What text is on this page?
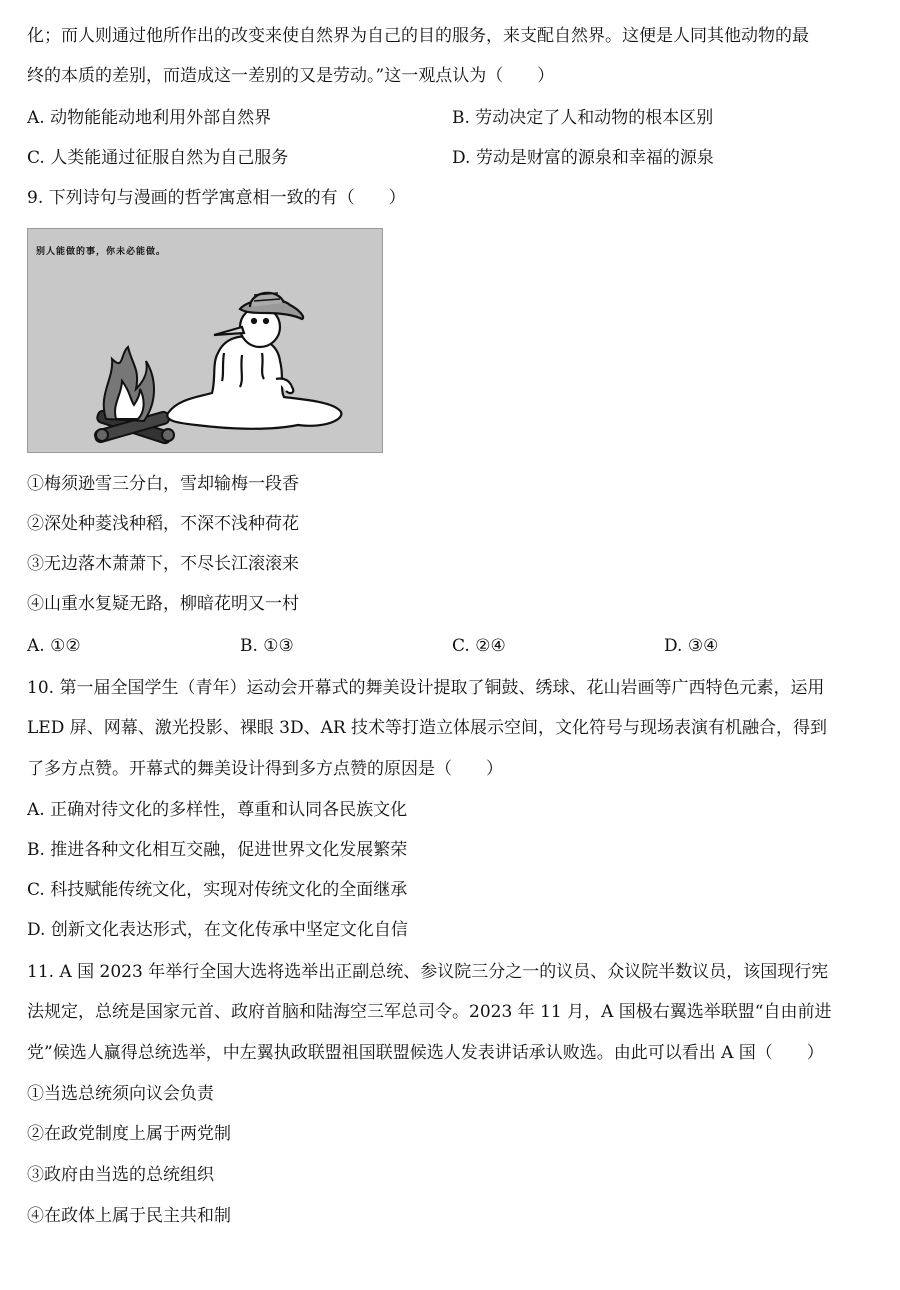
化；而人则通过他所作出的改变来使自然界为自己的目的服务，来支配自然界。这便是人同其他动物的最
终的本质的差别，而造成这一差别的又是劳动。”这一观点认为（　　）
A. 动物能能动地利用外部自然界	B. 劳动决定了人和动物的根本区别
C. 人类能通过征服自然为自己服务	D. 劳动是财富的源泉和幸福的源泉
9. 下列诗句与漫画的哲学寓意相一致的有（　　）
别人能做的事，你未必能做。
①梅须逊雪三分白，雪却输梅一段香
②深处种菱浅种稻，不深不浅种荷花
③无边落木萧萧下，不尽长江滚滚来
④山重水复疑无路，柳暗花明又一村
A. ①②	B. ①③	C. ②④	D. ③④
10. 第一届全国学生（青年）运动会开幕式的舞美设计提取了铜鼓、绣球、花山岩画等广西特色元素，运用
LED 屏、网幕、激光投影、裸眼 3D、AR 技术等打造立体展示空间，文化符号与现场表演有机融合，得到
了多方点赞。开幕式的舞美设计得到多方点赞的原因是（　　）
A. 正确对待文化的多样性，尊重和认同各民族文化
B. 推进各种文化相互交融，促进世界文化发展繁荣
C. 科技赋能传统文化，实现对传统文化的全面继承
D. 创新文化表达形式，在文化传承中坚定文化自信
11. A 国 2023 年举行全国大选将选举出正副总统、参议院三分之一的议员、众议院半数议员，该国现行宪
法规定，总统是国家元首、政府首脑和陆海空三军总司令。2023 年 11 月，A 国极右翼选举联盟“自由前进
党”候选人赢得总统选举，中左翼执政联盟祖国联盟候选人发表讲话承认败选。由此可以看出 A 国（　　）
①当选总统须向议会负责
②在政党制度上属于两党制
③政府由当选的总统组织
④在政体上属于民主共和制
